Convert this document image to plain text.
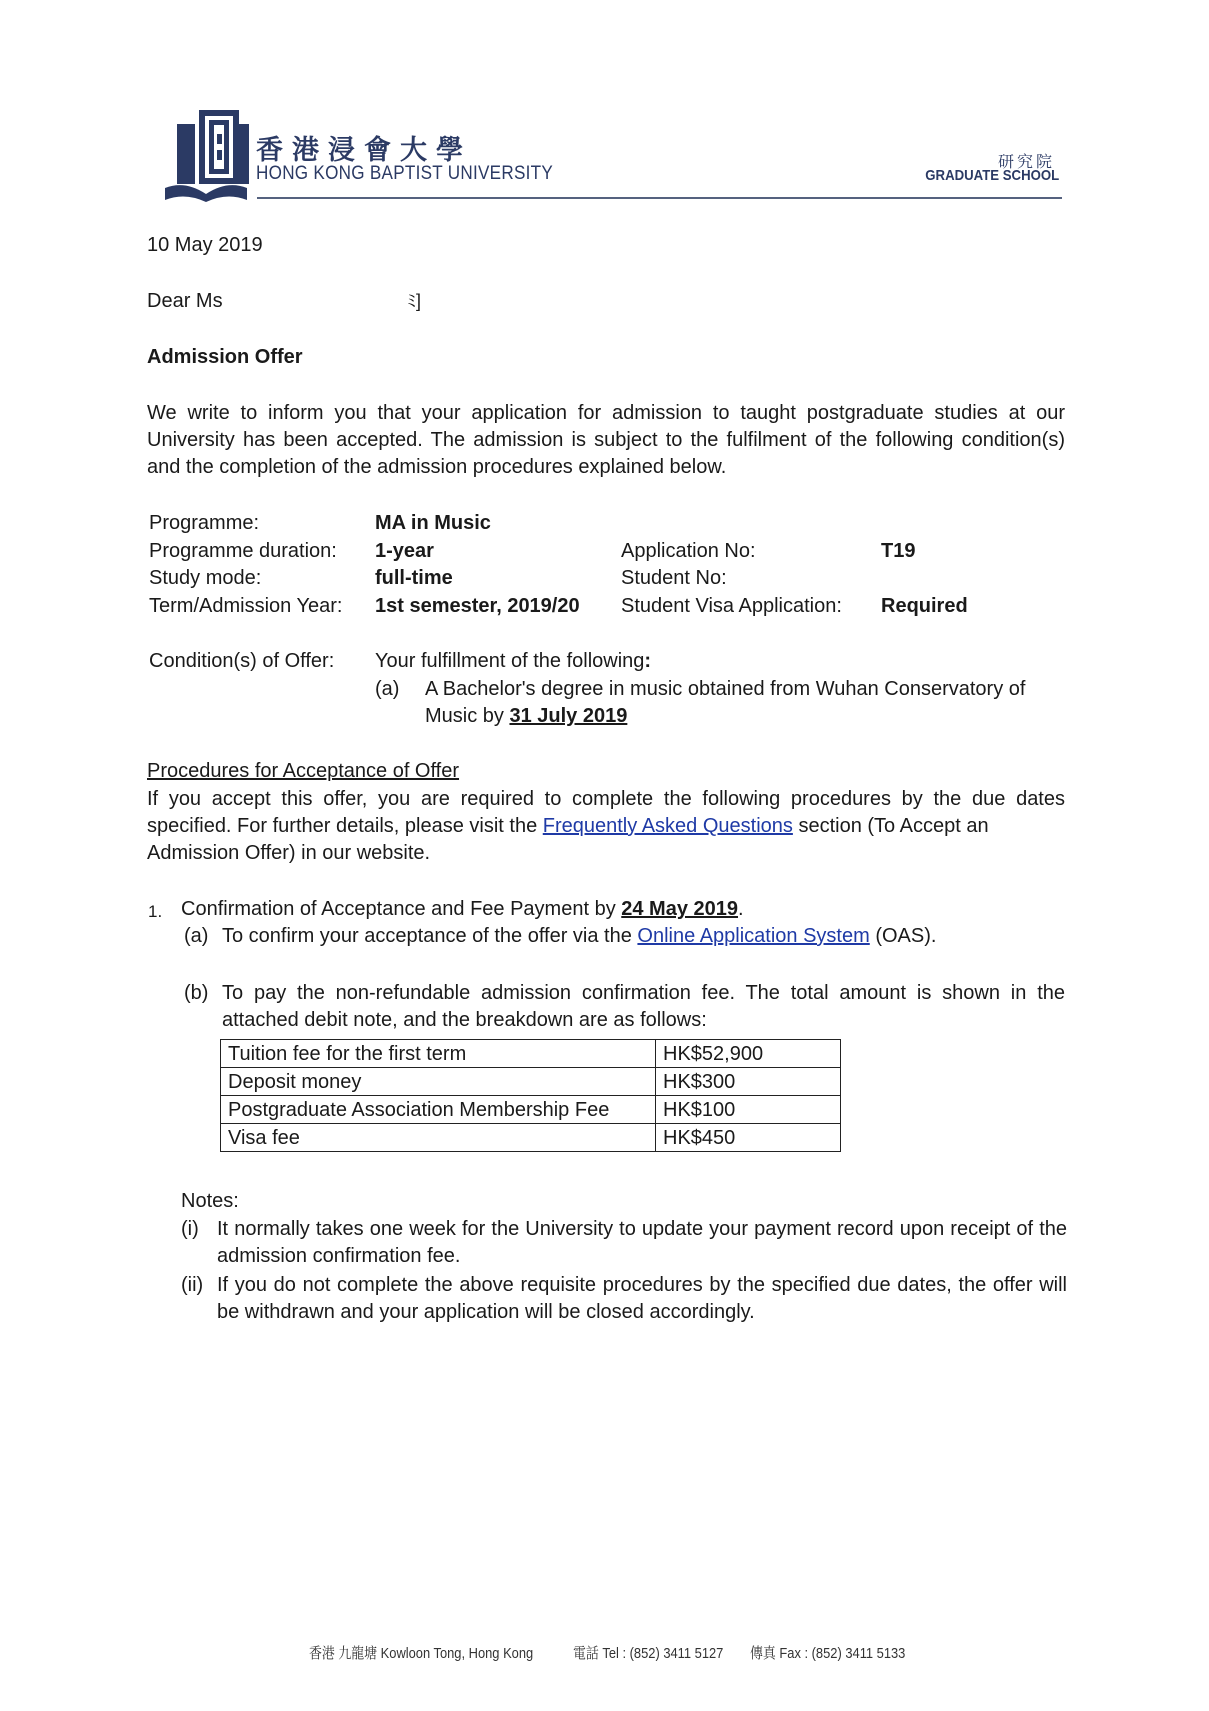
香港浸會大學
HONG KONG BAPTIST UNIVERSITY
研究院
GRADUATE SCHOOL
10 May 2019
Dear Ms	ﾐ]
Admission Offer
We write to inform you that your application for admission to taught postgraduate studies at our University has been accepted. The admission is subject to the fulfilment of the following condition(s) and the completion of the admission procedures explained below.
Programme:	MA in Music
Programme duration: 1-year	Application No:	T19
Study mode:	full-time	Student No:
Term/Admission Year: 1st semester, 2019/20 Student Visa Application: Required
Condition(s) of Offer: Your fulfillment of the following:
(a) A Bachelor's degree in music obtained from Wuhan Conservatory of Music by 31 July 2019
Procedures for Acceptance of Offer
If you accept this offer, you are required to complete the following procedures by the due dates specified. For further details, please visit the Frequently Asked Questions section (To Accept an
Admission Offer) in our website.
1. Confirmation of Acceptance and Fee Payment by 24 May 2019.
(a) To confirm your acceptance of the offer via the Online Application System (OAS).
(b) To pay the non-refundable admission confirmation fee. The total amount is shown in the attached debit note, and the breakdown are as follows:
Tuition fee for the first term	HK$52,900
Deposit money	HK$300
Postgraduate Association Membership Fee	HK$100
Visa fee	HK$450
Notes:
(i) It normally takes one week for the University to update your payment record upon receipt of the admission confirmation fee.
(ii) If you do not complete the above requisite procedures by the specified due dates, the offer will be withdrawn and your application will be closed accordingly.
香港 九龍塘 Kowloon Tong, Hong Kong	電話 Tel : (852) 3411 5127 傳真 Fax : (852) 3411 5133
